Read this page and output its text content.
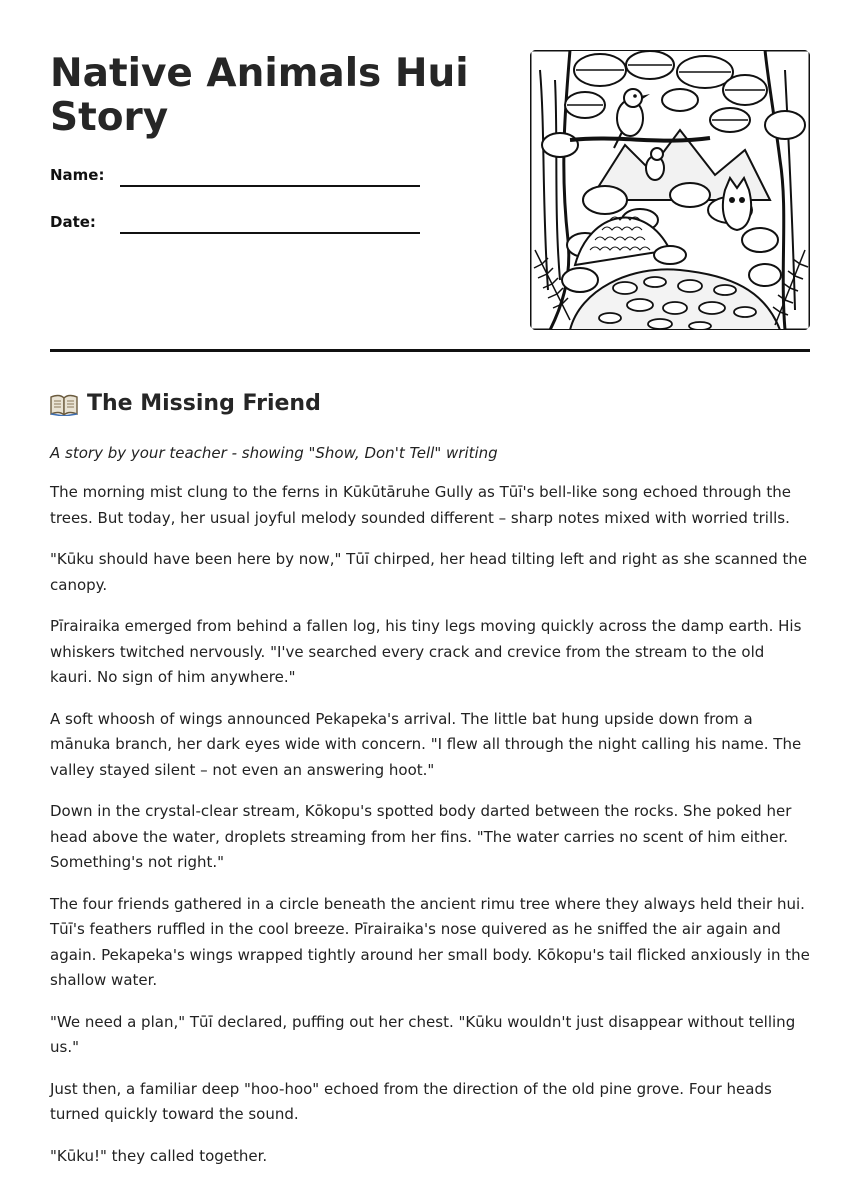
Native Animals Hui Story
Name:
Date:
The Missing Friend

A story by your teacher - showing "Show, Don't Tell" writing

The morning mist clung to the ferns in Kūkūtāruhe Gully as Tūī's bell-like song echoed through the trees. But today, her usual joyful melody sounded different – sharp notes mixed with worried trills.

"Kūku should have been here by now," Tūī chirped, her head tilting left and right as she scanned the canopy.

Pīrairaika emerged from behind a fallen log, his tiny legs moving quickly across the damp earth. His whiskers twitched nervously. "I've searched every crack and crevice from the stream to the old kauri. No sign of him anywhere."

A soft whoosh of wings announced Pekapeka's arrival. The little bat hung upside down from a mānuka branch, her dark eyes wide with concern. "I flew all through the night calling his name. The valley stayed silent – not even an answering hoot."

Down in the crystal-clear stream, Kōkopu's spotted body darted between the rocks. She poked her head above the water, droplets streaming from her fins. "The water carries no scent of him either. Something's not right."

The four friends gathered in a circle beneath the ancient rimu tree where they always held their hui. Tūī's feathers ruffled in the cool breeze. Pīrairaika's nose quivered as he sniffed the air again and again. Pekapeka's wings wrapped tightly around her small body. Kōkopu's tail flicked anxiously in the shallow water.

"We need a plan," Tūī declared, puffing out her chest. "Kūku wouldn't just disappear without telling us."

Just then, a familiar deep "hoo-hoo" echoed from the direction of the old pine grove. Four heads turned quickly toward the sound.

"Kūku!" they called together.
